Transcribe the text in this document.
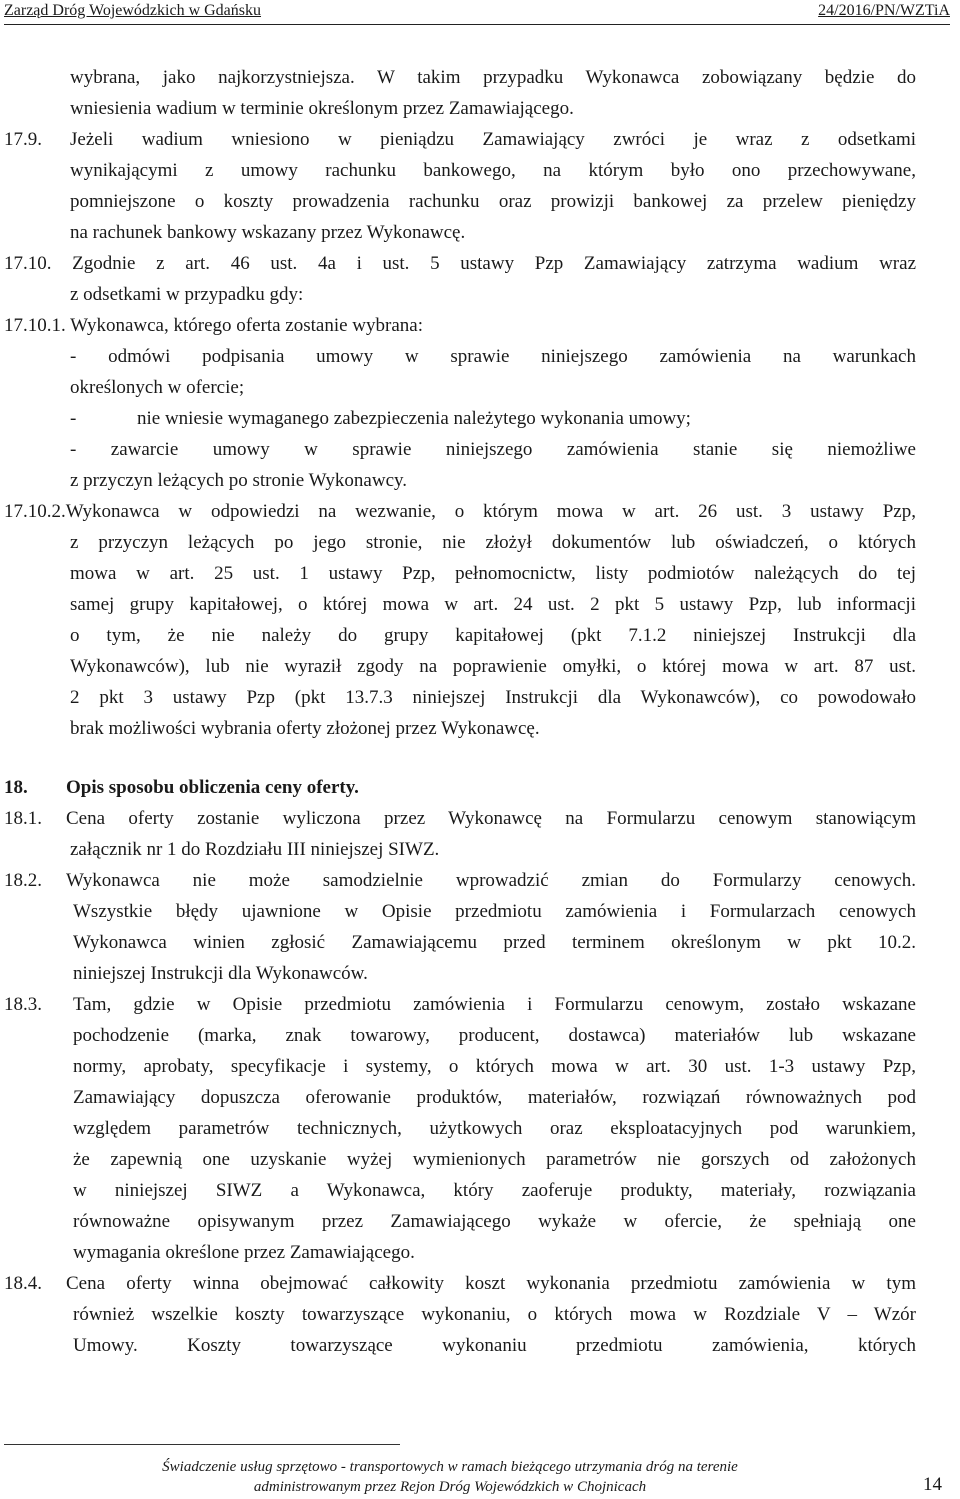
Zarząd Dróg Wojewódzkich w Gdańsku	24/2016/PN/WZTiA
wybrana, jako najkorzystniejsza. W takim przypadku Wykonawca zobowiązany będzie do
wniesienia wadium w terminie określonym przez Zamawiającego.
17.9. Jeżeli wadium wniesiono w pieniądzu Zamawiający zwróci je wraz z odsetkami
wynikającymi z umowy rachunku bankowego, na którym było ono przechowywane,
pomniejszone o koszty prowadzenia rachunku oraz prowizji bankowej za przelew pieniędzy
na rachunek bankowy wskazany przez Wykonawcę.
17.10. Zgodnie z art. 46 ust. 4a i ust. 5 ustawy Pzp Zamawiający zatrzyma wadium wraz
z odsetkami w przypadku gdy:
17.10.1. Wykonawca, którego oferta zostanie wybrana:
- odmówi podpisania umowy w sprawie niniejszego zamówienia na warunkach
określonych w ofercie;
-	nie wniesie wymaganego zabezpieczenia należytego wykonania umowy;
- zawarcie umowy w sprawie niniejszego zamówienia stanie się niemożliwe
z przyczyn leżących po stronie Wykonawcy.
17.10.2.Wykonawca w odpowiedzi na wezwanie, o którym mowa w art. 26 ust. 3 ustawy Pzp,
z przyczyn leżących po jego stronie, nie złożył dokumentów lub oświadczeń, o których
mowa w art. 25 ust. 1 ustawy Pzp, pełnomocnictw, listy podmiotów należących do tej
samej grupy kapitałowej, o której mowa w art. 24 ust. 2 pkt 5 ustawy Pzp, lub informacji
o tym, że nie należy do grupy kapitałowej (pkt 7.1.2 niniejszej Instrukcji dla
Wykonawców), lub nie wyraził zgody na poprawienie omyłki, o której mowa w art. 87 ust.
2 pkt 3 ustawy Pzp (pkt 13.7.3 niniejszej Instrukcji dla Wykonawców), co powodowało
brak możliwości wybrania oferty złożonej przez Wykonawcę.
18. Opis sposobu obliczenia ceny oferty.
18.1. Cena oferty zostanie wyliczona przez Wykonawcę na Formularzu cenowym stanowiącym
załącznik nr 1 do Rozdziału III niniejszej SIWZ.
18.2. Wykonawca nie może samodzielnie wprowadzić zmian do Formularzy cenowych.
Wszystkie błędy ujawnione w Opisie przedmiotu zamówienia i Formularzach cenowych
Wykonawca winien zgłosić Zamawiającemu przed terminem określonym w pkt 10.2.
niniejszej Instrukcji dla Wykonawców.
18.3. Tam, gdzie w Opisie przedmiotu zamówienia i Formularzu cenowym, zostało wskazane
pochodzenie (marka, znak towarowy, producent, dostawca) materiałów lub wskazane
normy, aprobaty, specyfikacje i systemy, o których mowa w art. 30 ust. 1-3 ustawy Pzp,
Zamawiający dopuszcza oferowanie produktów, materiałów, rozwiązań równoważnych pod
względem parametrów technicznych, użytkowych oraz eksploatacyjnych pod warunkiem,
że zapewnią one uzyskanie wyżej wymienionych parametrów nie gorszych od założonych
w niniejszej SIWZ a Wykonawca, który zaoferuje produkty, materiały, rozwiązania
równoważne opisywanym przez Zamawiającego wykaże w ofercie, że spełniają one
wymagania określone przez Zamawiającego.
18.4. Cena oferty winna obejmować całkowity koszt wykonania przedmiotu zamówienia w tym
również wszelkie koszty towarzyszące wykonaniu, o których mowa w Rozdziale V – Wzór
Umowy. Koszty towarzyszące wykonaniu przedmiotu zamówienia, których
Świadczenie usług sprzętowo - transportowych w ramach bieżącego utrzymania dróg na terenie
administrowanym przez Rejon Dróg Wojewódzkich w Chojnicach	14
